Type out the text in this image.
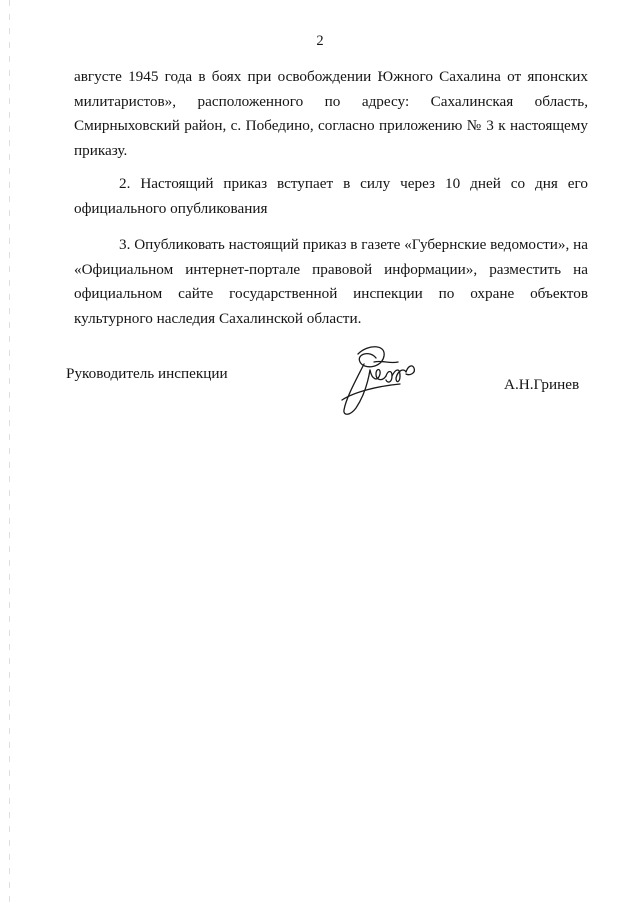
2

августе 1945 года в боях при освобождении Южного Сахалина от японских милитаристов», расположенного по адресу: Сахалинская область, Смирныховский район, с. Победино, согласно приложению № 3 к настоящему приказу.

2. Настоящий приказ вступает в силу через 10 дней со дня его официального опубликования

3. Опубликовать настоящий приказ в газете «Губернские ведомости», на «Официальном интернет-портале правовой информации», разместить на официальном сайте государственной инспекции по охране объектов культурного наследия Сахалинской области.

Руководитель инспекции
А.Н.Гринев
